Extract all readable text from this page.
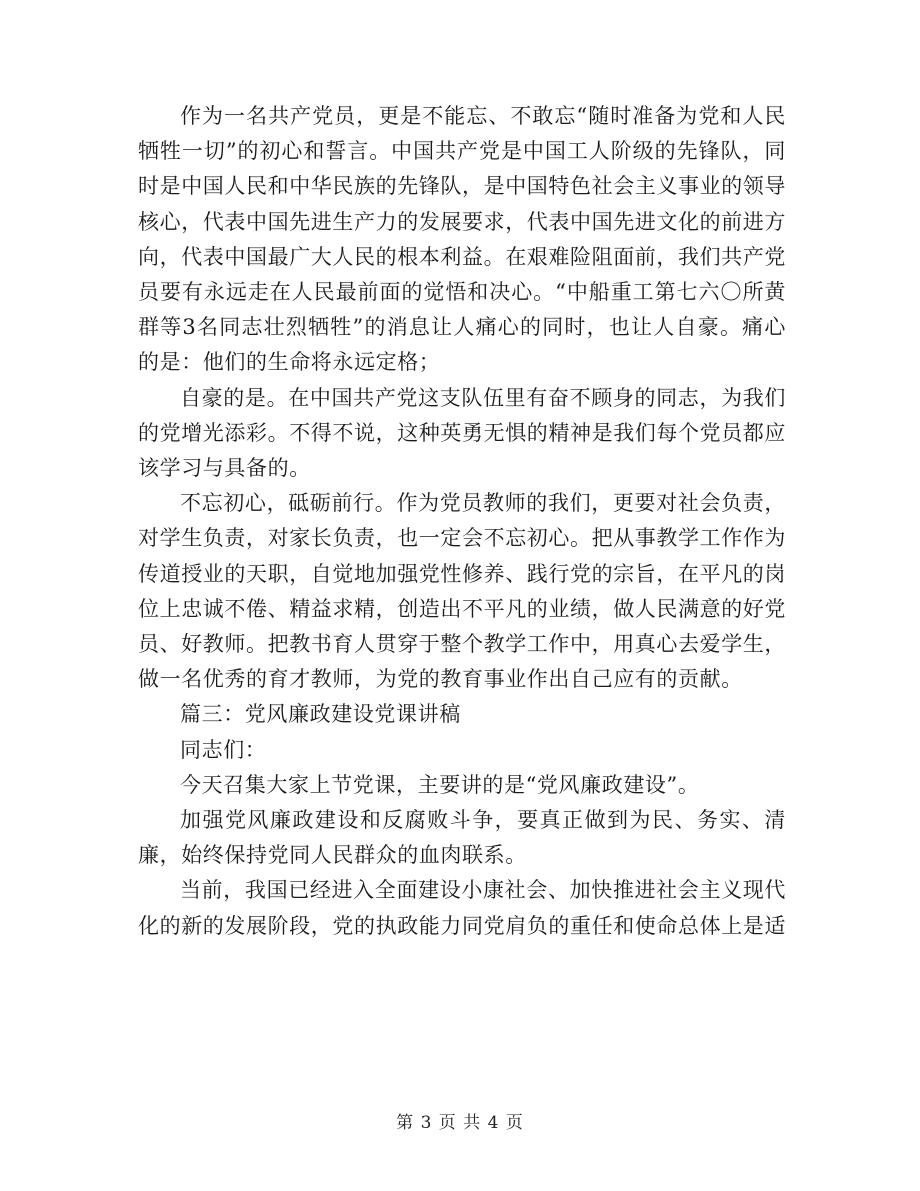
作为一名共产党员，更是不能忘、不敢忘“随时准备为党和人民牺牲一切”的初心和誓言。中国共产党是中国工人阶级的先锋队，同时是中国人民和中华民族的先锋队，是中国特色社会主义事业的领导核心，代表中国先进生产力的发展要求，代表中国先进文化的前进方向，代表中国最广大人民的根本利益。在艰难险阻面前，我们共产党员要有永远走在人民最前面的觉悟和决心。“中船重工第七六〇所黄群等3名同志壮烈牺牲”的消息让人痛心的同时，也让人自豪。痛心的是：他们的生命将永远定格；

自豪的是。在中国共产党这支队伍里有奋不顾身的同志，为我们的党增光添彩。不得不说，这种英勇无惧的精神是我们每个党员都应该学习与具备的。

不忘初心，砥砺前行。作为党员教师的我们，更要对社会负责，对学生负责，对家长负责，也一定会不忘初心。把从事教学工作作为传道授业的天职，自觉地加强党性修养、践行党的宗旨，在平凡的岗位上忠诚不倦、精益求精，创造出不平凡的业绩，做人民满意的好党员、好教师。把教书育人贯穿于整个教学工作中，用真心去爱学生，做一名优秀的育才教师，为党的教育事业作出自己应有的贡献。

篇三：党风廉政建设党课讲稿

同志们：

今天召集大家上节党课，主要讲的是“党风廉政建设”。

加强党风廉政建设和反腐败斗争，要真正做到为民、务实、清廉，始终保持党同人民群众的血肉联系。

当前，我国已经进入全面建设小康社会、加快推进社会主义现代化的新的发展阶段，党的执政能力同党肩负的重任和使命总体上是适

第 3 页 共 4 页
